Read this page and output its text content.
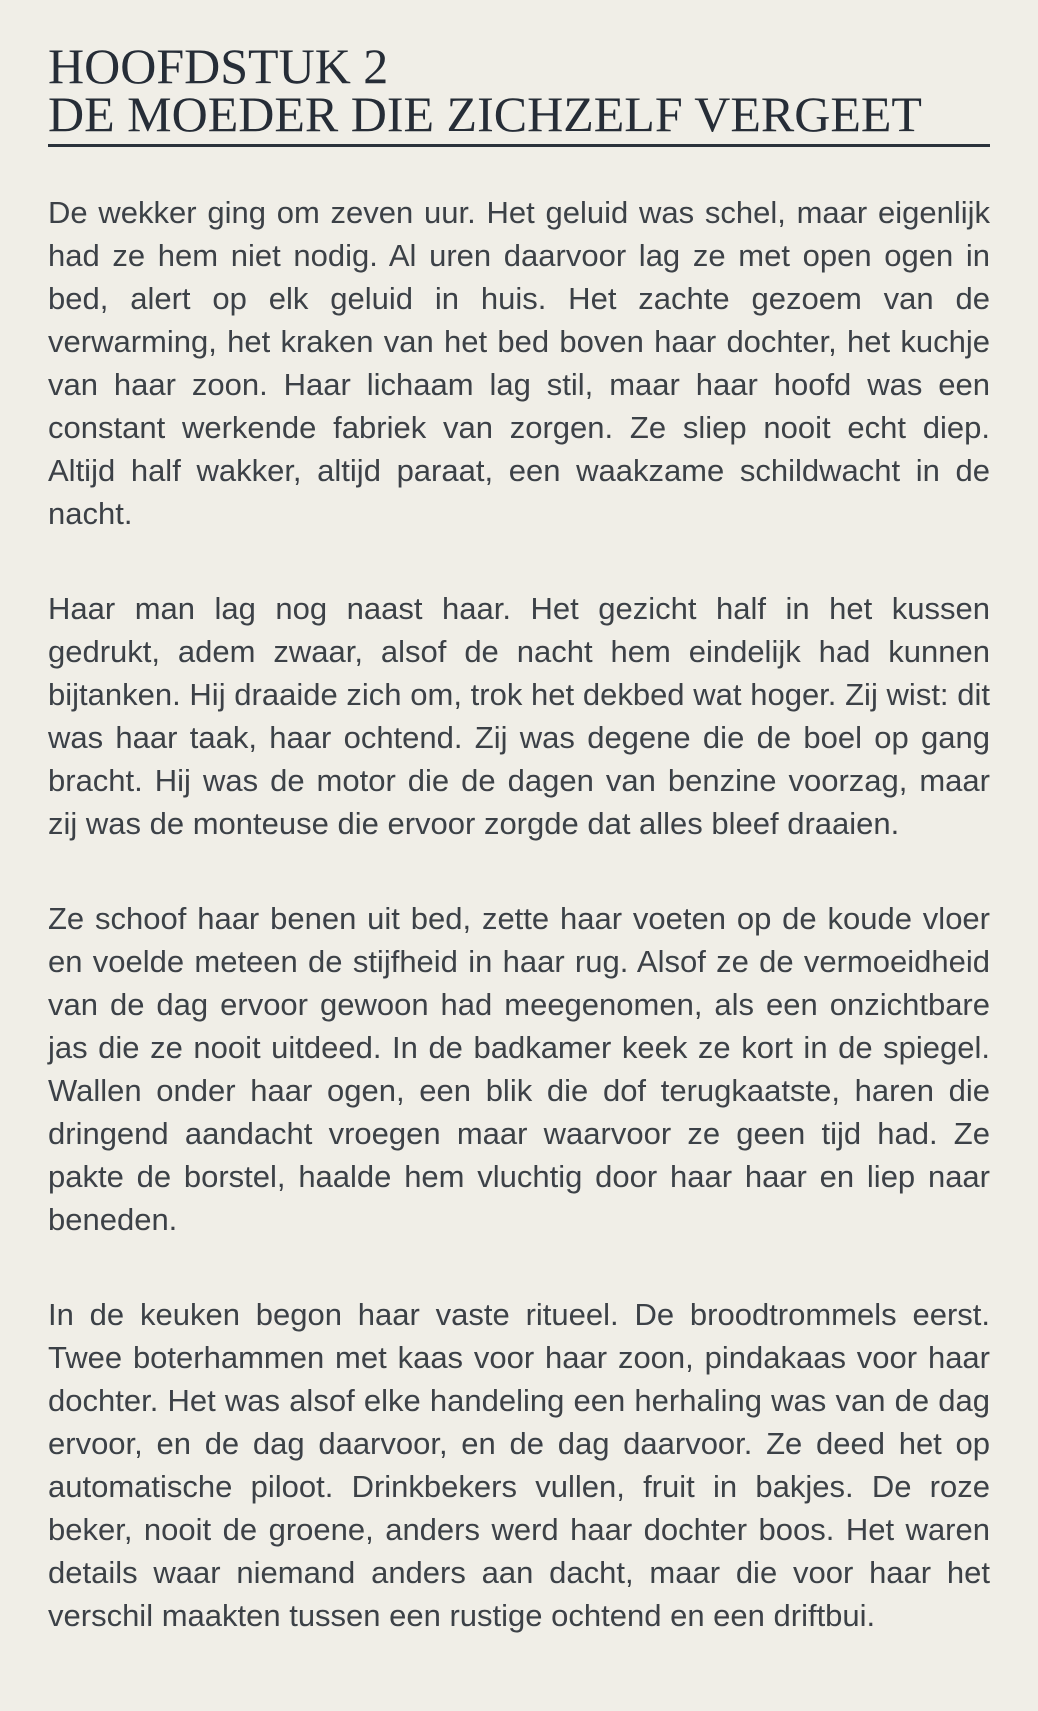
HOOFDSTUK 2
DE MOEDER DIE ZICHZELF VERGEET

De wekker ging om zeven uur. Het geluid was schel, maar eigenlijk had ze hem niet nodig. Al uren daarvoor lag ze met open ogen in bed, alert op elk geluid in huis. Het zachte gezoem van de verwarming, het kraken van het bed boven haar dochter, het kuchje van haar zoon. Haar lichaam lag stil, maar haar hoofd was een constant werkende fabriek van zorgen. Ze sliep nooit echt diep. Altijd half wakker, altijd paraat, een waakzame schildwacht in de nacht.

Haar man lag nog naast haar. Het gezicht half in het kussen gedrukt, adem zwaar, alsof de nacht hem eindelijk had kunnen bijtanken. Hij draaide zich om, trok het dekbed wat hoger. Zij wist: dit was haar taak, haar ochtend. Zij was degene die de boel op gang bracht. Hij was de motor die de dagen van benzine voorzag, maar zij was de monteuse die ervoor zorgde dat alles bleef draaien.

Ze schoof haar benen uit bed, zette haar voeten op de koude vloer en voelde meteen de stijfheid in haar rug. Alsof ze de vermoeidheid van de dag ervoor gewoon had meegenomen, als een onzichtbare jas die ze nooit uitdeed. In de badkamer keek ze kort in de spiegel. Wallen onder haar ogen, een blik die dof terugkaatste, haren die dringend aandacht vroegen maar waarvoor ze geen tijd had. Ze pakte de borstel, haalde hem vluchtig door haar haar en liep naar beneden.

In de keuken begon haar vaste ritueel. De broodtrommels eerst. Twee boterhammen met kaas voor haar zoon, pindakaas voor haar dochter. Het was alsof elke handeling een herhaling was van de dag ervoor, en de dag daarvoor, en de dag daarvoor. Ze deed het op automatische piloot. Drinkbekers vullen, fruit in bakjes. De roze beker, nooit de groene, anders werd haar dochter boos. Het waren details waar niemand anders aan dacht, maar die voor haar het verschil maakten tussen een rustige ochtend en een driftbui.
